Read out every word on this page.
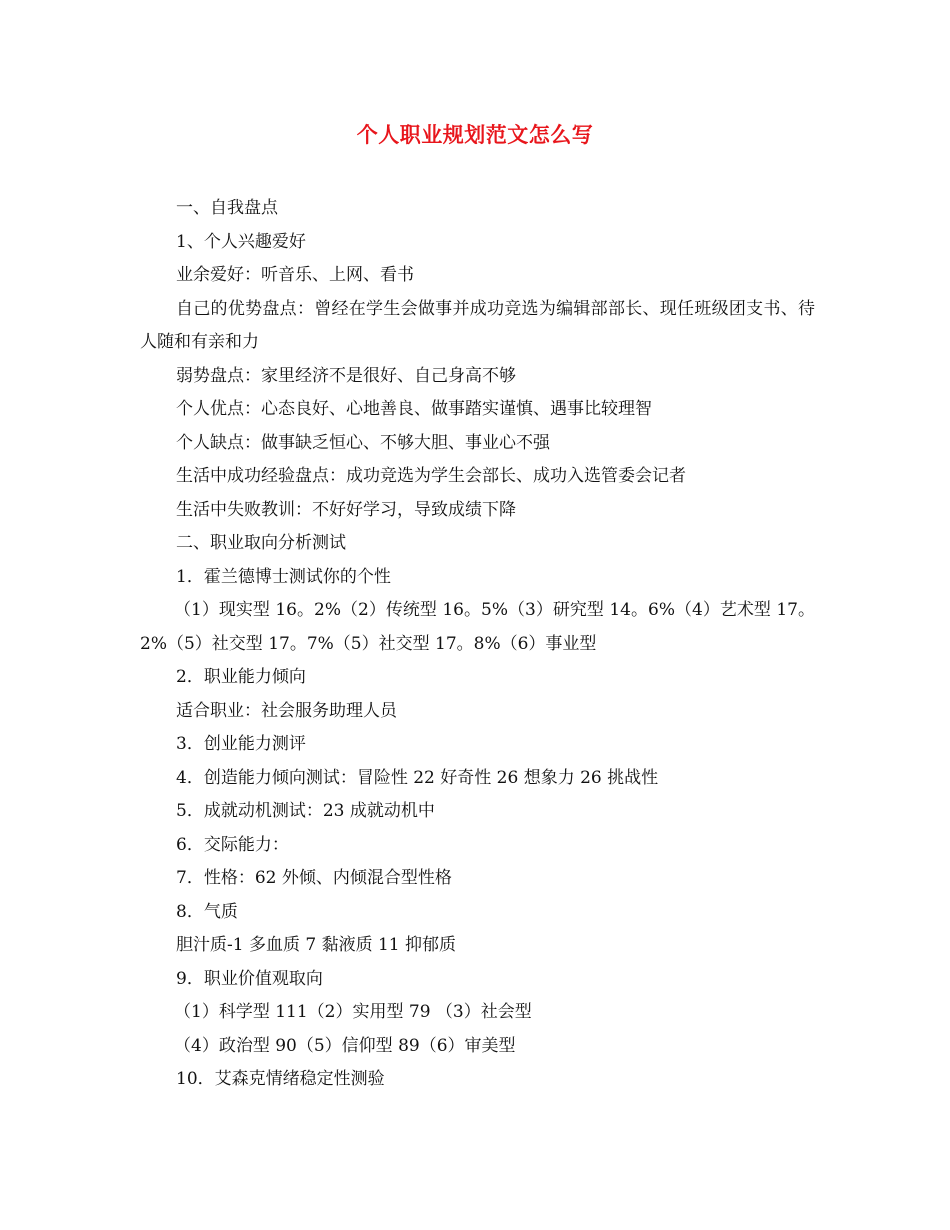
个人职业规划范文怎么写

一、自我盘点

1、个人兴趣爱好

业余爱好：听音乐、上网、看书

自己的优势盘点：曾经在学生会做事并成功竞选为编辑部部长、现任班级团支书、待人随和有亲和力

弱势盘点：家里经济不是很好、自己身高不够

个人优点：心态良好、心地善良、做事踏实谨慎、遇事比较理智

个人缺点：做事缺乏恒心、不够大胆、事业心不强

生活中成功经验盘点：成功竞选为学生会部长、成功入选管委会记者

生活中失败教训：不好好学习，导致成绩下降

二、职业取向分析测试

1．霍兰德博士测试你的个性

（1）现实型 16。2%（2）传统型 16。5%（3）研究型 14。6%（4）艺术型 17。2%（5）社交型 17。7%（5）社交型 17。8%（6）事业型

2．职业能力倾向

适合职业：社会服务助理人员

3．创业能力测评

4．创造能力倾向测试：冒险性 22 好奇性 26 想象力 26 挑战性

5．成就动机测试：23 成就动机中

6．交际能力：

7．性格：62 外倾、内倾混合型性格

8．气质

胆汁质-1 多血质 7 黏液质 11 抑郁质

9．职业价值观取向

（1）科学型 111（2）实用型 79 （3）社会型

（4）政治型 90（5）信仰型 89（6）审美型

10．艾森克情绪稳定性测验
